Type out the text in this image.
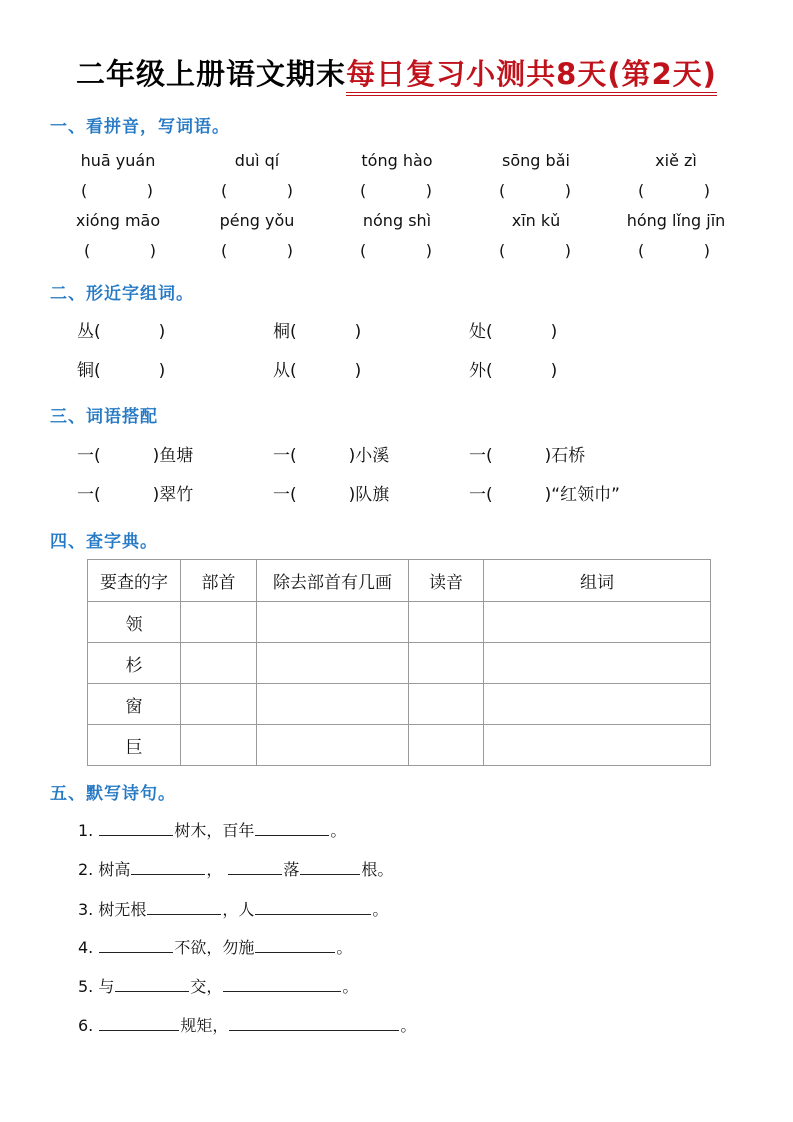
二年级上册语文期末每日复习小测共8天(第2天)
一、看拼音，写词语。
huā yuán	duì qí	tóng hào	sōng bǎi	xiě zì
(	)	(	)	(	)	(	)	(	)
xióng māo	péng yǒu	nóng shì	xīn kǔ	hóng lǐng jīn
(	)	(	)	(	)	(	)	(	)
二、形近字组词。
丛(	)	桐(	)	处(	)
铜(	)	从(	)	外(	)
三、词语搭配
一(	)鱼塘	一(	)小溪	一(	)石桥
一(	)翠竹	一(	)队旗	一(	)“红领巾”
四、查字典。
要查的字	部首	除去部首有几画	读音	组词
领				
杉				
窗				
巨				
五、默写诗句。
1.	树木，百年	。
2. 树高	，	落	根。
3. 树无根	，人	。
4.	不欲，勿施	。
5. 与	交，	。
6.	规矩，	。
